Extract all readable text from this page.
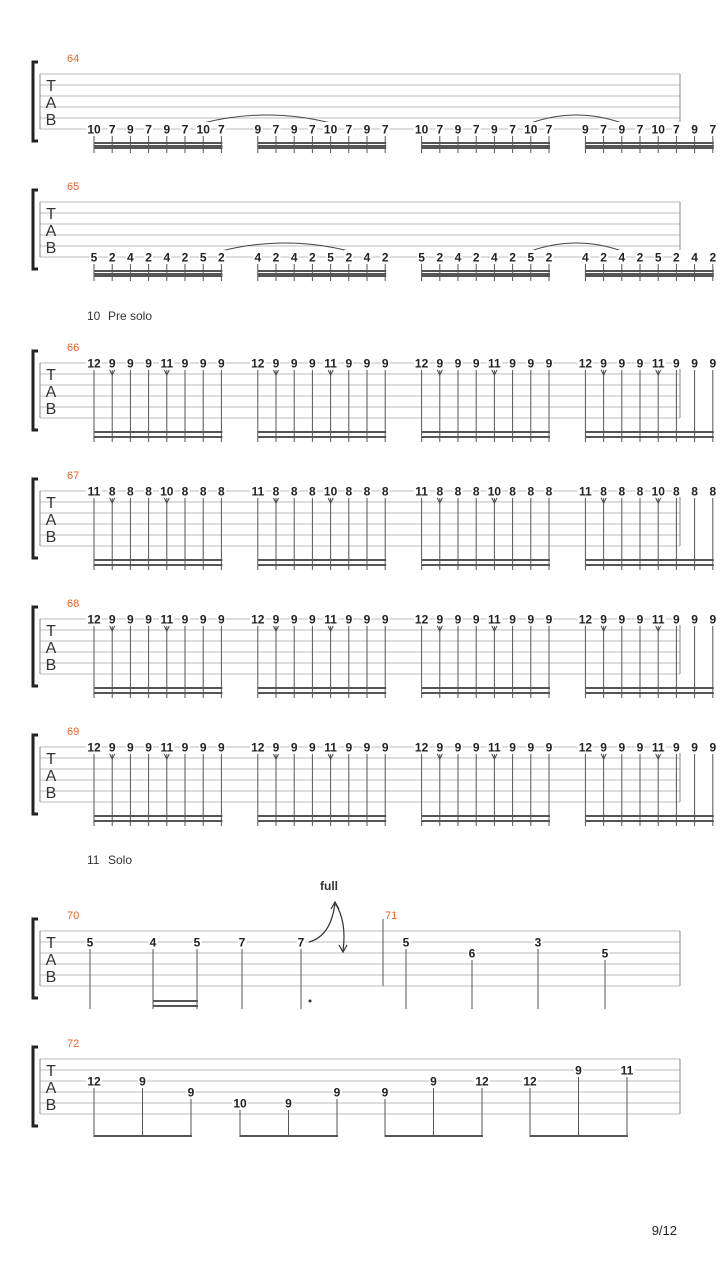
10 Pre solo
11 Solo
T
A
B
64
10 7 9 7 9 7 10 7 9 7 9 7 10 7 9 7 10 7 9 7 9 7 10 7 9 7 9 7 10 7 9 7
T
A
B
65
5 2 4 2 4 2 5 2 4 2 4 2 5 2 4 2 5 2 4 2 4 2 5 2 4 2 4 2 5 2 4 2
T
A
B
66
12 9 9 9 11 9 9 9 12 9 9 9 11 9 9 9 12 9 9 9 11 9 9 9 12 9 9 9 11 9 9 9
T
A
B
67
11 8 8 8 10 8 8 8 11 8 8 8 10 8 8 8 11 8 8 8 10 8 8 8 11 8 8 8 10 8 8 8
T
A
B
68
12 9 9 9 11 9 9 9 12 9 9 9 11 9 9 9 12 9 9 9 11 9 9 9 12 9 9 9 11 9 9 9
T
A
B
69
12 9 9 9 11 9 9 9 12 9 9 9 11 9 9 9 12 9 9 9 11 9 9 9 12 9 9 9 11 9 9 9
T
A
B
70	71
5	4	5	7
full
7	5
6
3
5
T
A
B
72
12	9
9
10	9
9	9
9	12	12
9	11
9/12
